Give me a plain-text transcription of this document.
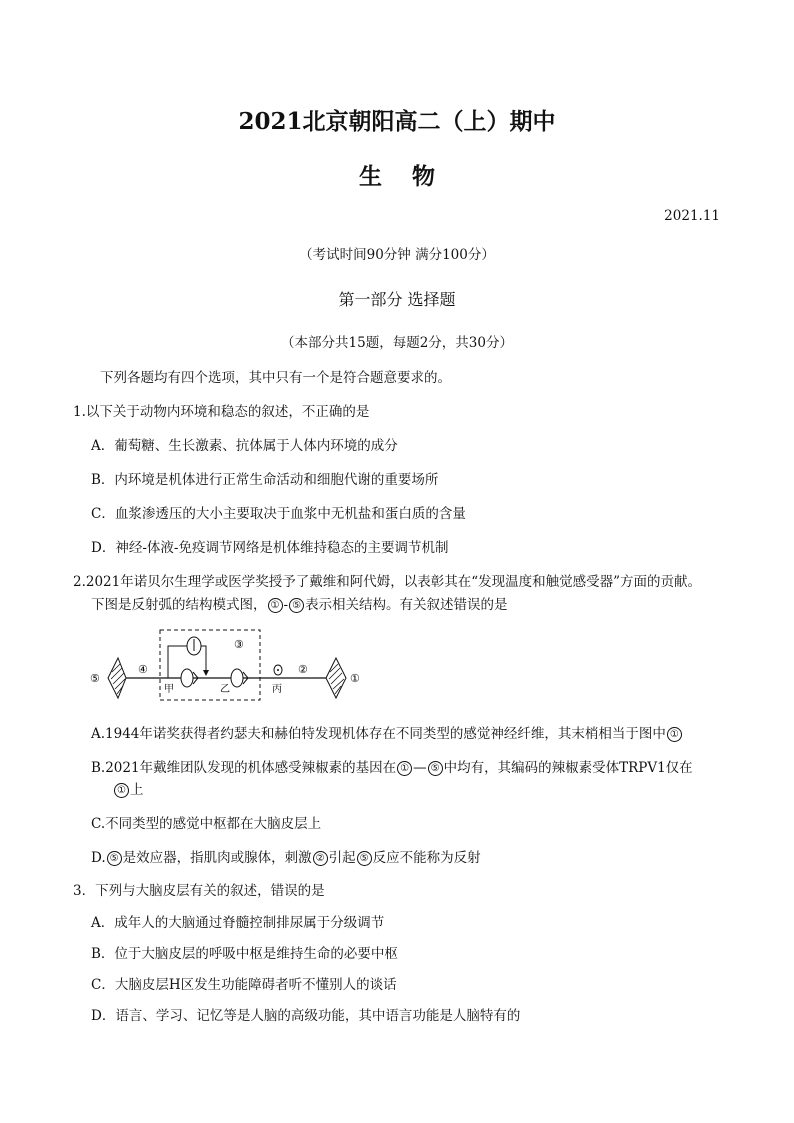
2021北京朝阳高二（上）期中
生物
2021.11
（考试时间90分钟 满分100分）
第一部分 选择题
（本部分共15题，每题2分，共30分）
下列各题均有四个选项，其中只有一个是符合题意要求的。
1.以下关于动物内环境和稳态的叙述，不正确的是
A．葡萄糖、生长激素、抗体属于人体内环境的成分
B．内环境是机体进行正常生命活动和细胞代谢的重要场所
C．血浆渗透压的大小主要取决于血浆中无机盐和蛋白质的含量
D．神经-体液-免疫调节网络是机体维持稳态的主要调节机制
2.2021年诺贝尔生理学或医学奖授予了戴维和阿代姆，以表彰其在“发现温度和触觉感受器”方面的贡献。
下图是反射弧的结构模式图， ① - ⑤ 表示相关结构。有关叙述错误的是
⑤
④
③
②
①
甲	乙	丙
A.1944年诺奖获得者约瑟夫和赫伯特发现机体存在不同类型的感觉神经纤维，其末梢相当于图中 ①
B.2021年戴维团队发现的机体感受辣椒素的基因在 ① — ⑤ 中均有，其编码的辣椒素受体TRPV1仅在
① 上
C.不同类型的感觉中枢都在大脑皮层上
D. ⑤ 是效应器，指肌肉或腺体，刺激 ② 引起 ⑤ 反应不能称为反射
3．下列与大脑皮层有关的叙述，错误的是
A．成年人的大脑通过脊髓控制排尿属于分级调节
B．位于大脑皮层的呼吸中枢是维持生命的必要中枢
C．大脑皮层H区发生功能障碍者听不懂别人的谈话
D．语言、学习、记忆等是人脑的高级功能，其中语言功能是人脑特有的
